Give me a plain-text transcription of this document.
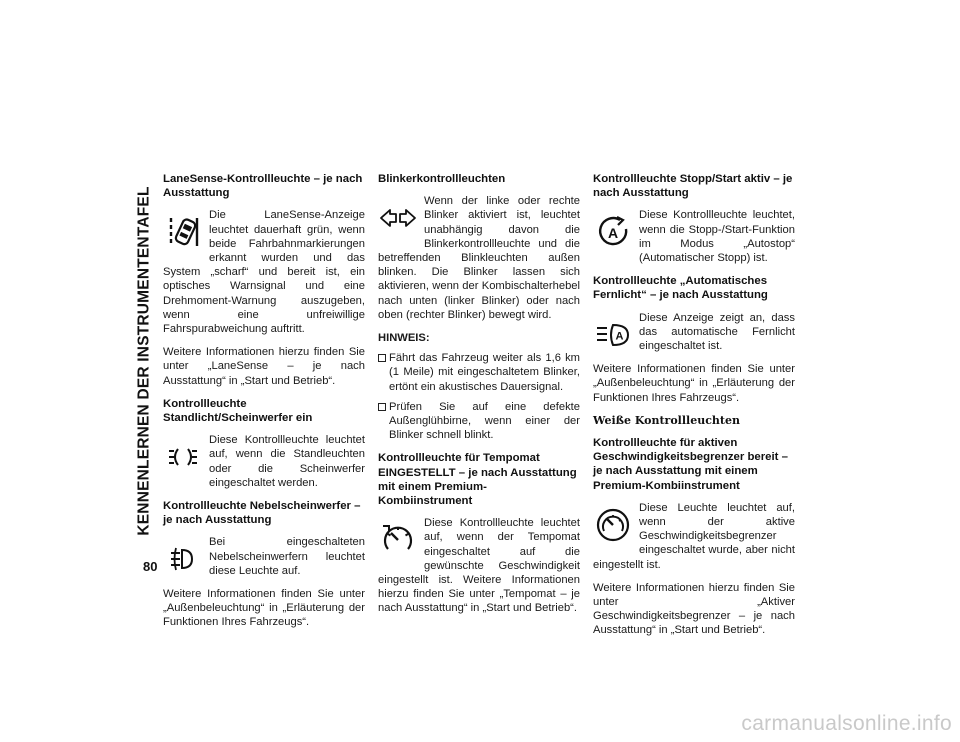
KENNENLERNEN DER INSTRUMENTENTAFEL
80
LaneSense-Kontrollleuchte – je nach Ausstattung
Die LaneSense-Anzeige leuchtet dauerhaft grün, wenn beide Fahrbahnmarkierungen erkannt wurden und das System „scharf“ und bereit ist, ein optisches Warnsignal und eine Drehmoment-Warnung auszugeben, wenn eine unfreiwillige Fahrspurabweichung auftritt.

Weitere Informationen hierzu finden Sie unter „LaneSense – je nach Ausstattung“ in „Start und Betrieb“.

Kontrollleuchte Standlicht/Scheinwerfer ein
Diese Kontrollleuchte leuchtet auf, wenn die Standleuchten oder die Scheinwerfer eingeschaltet werden.
Kontrollleuchte Nebelscheinwerfer – je nach Ausstattung
Bei eingeschalteten Nebelscheinwerfern leuchtet diese Leuchte auf.

Weitere Informationen finden Sie unter „Außenbeleuchtung“ in „Erläuterung der Funktionen Ihres Fahrzeugs“.

Blinkerkontrollleuchten
Wenn der linke oder rechte Blinker aktiviert ist, leuchtet unabhängig davon die Blinkerkontrollleuchte und die betreffenden Blinkleuchten außen blinken. Die Blinker lassen sich aktivieren, wenn der Kombischalterhebel nach unten (linker Blinker) oder nach oben (rechter Blinker) bewegt wird.
HINWEIS:
Fährt das Fahrzeug weiter als 1,6 km (1 Meile) mit eingeschaltetem Blinker, ertönt ein akustisches Dauersignal.
Prüfen Sie auf eine defekte Außenglühbirne, wenn einer der Blinker schnell blinkt.
Kontrollleuchte für Tempomat EINGESTELLT – je nach Ausstattung mit einem Premium-Kombiinstrument
Diese Kontrollleuchte leuchtet auf, wenn der Tempomat eingeschaltet auf die gewünschte Geschwindigkeit eingestellt ist. Weitere Informationen hierzu finden Sie unter „Tempomat – je nach Ausstattung“ in „Start und Betrieb“.
Kontrollleuchte Stopp/Start aktiv – je nach Ausstattung
A
Diese Kontrollleuchte leuchtet, wenn die Stopp-/Start-Funktion im Modus „Autostop“ (Automatischer Stopp) ist.
Kontrollleuchte „Automatisches Fernlicht“ – je nach Ausstattung
A
Diese Anzeige zeigt an, dass das automatische Fernlicht eingeschaltet ist.

Weitere Informationen finden Sie unter „Außenbeleuchtung“ in „Erläuterung der Funktionen Ihres Fahrzeugs“.

Weiße Kontrollleuchten
Kontrollleuchte für aktiven Geschwindigkeitsbegrenzer bereit – je nach Ausstattung mit einem Premium-Kombiinstrument
Diese Leuchte leuchtet auf, wenn der aktive Geschwindigkeitsbegrenzer eingeschaltet wurde, aber nicht eingestellt ist.

Weitere Informationen hierzu finden Sie unter „Aktiver Geschwindigkeitsbegrenzer – je nach Ausstattung“ in „Start und Betrieb“.

carmanualsonline.info
